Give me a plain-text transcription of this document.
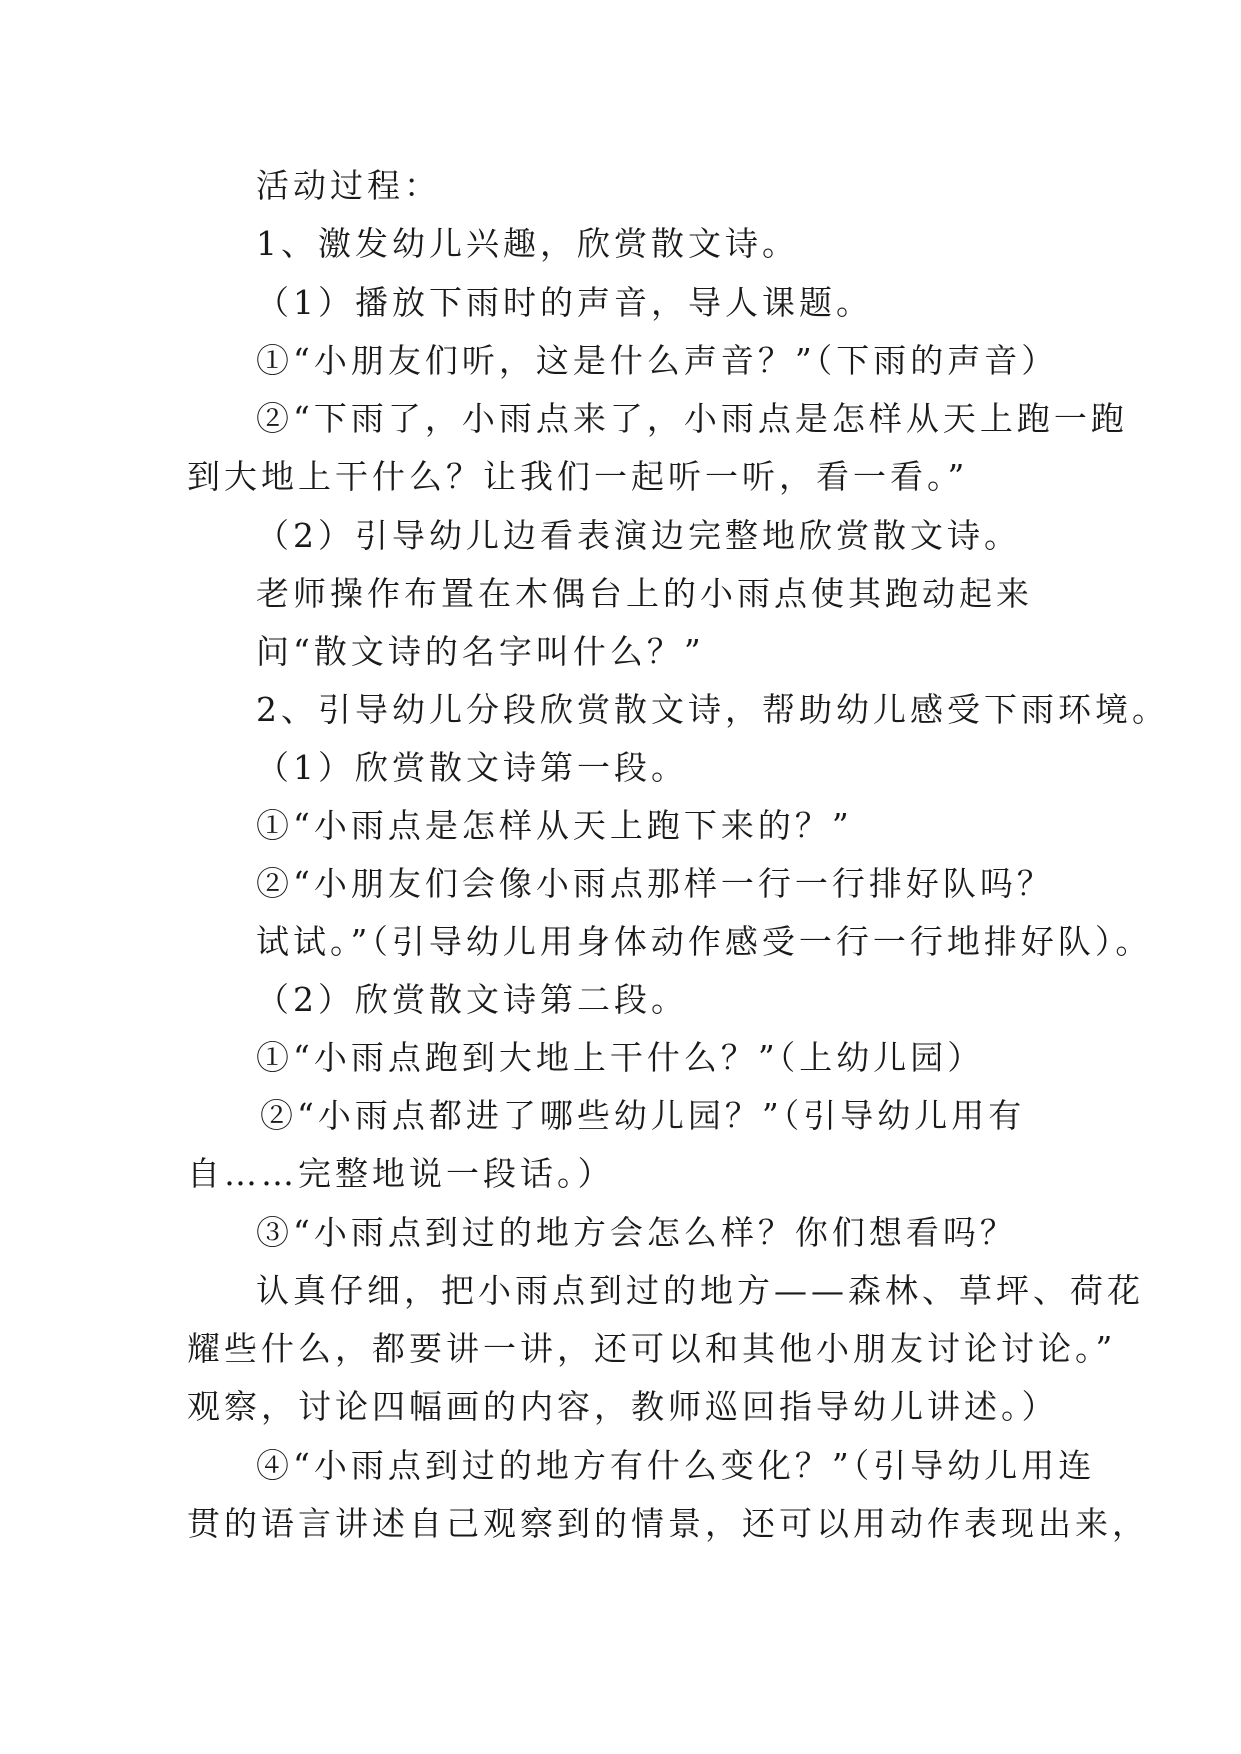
活动过程：
1、激发幼儿兴趣，欣赏散文诗。
（1）播放下雨时的声音，导人课题。
①“小朋友们听，这是什么声音？”（下雨的声音）
②“下雨了，小雨点来了，小雨点是怎样从天上跑一跑
到大地上干什么？让我们一起听一听，看一看。”
（2）引导幼儿边看表演边完整地欣赏散文诗。
老师操作布置在木偶台上的小雨点使其跑动起来
问“散文诗的名字叫什么？”
2、引导幼儿分段欣赏散文诗，帮助幼儿感受下雨环境。
（1）欣赏散文诗第一段。
①“小雨点是怎样从天上跑下来的？”
②“小朋友们会像小雨点那样一行一行排好队吗？
试试。”（引导幼儿用身体动作感受一行一行地排好队）。
（2）欣赏散文诗第二段。
①“小雨点跑到大地上干什么？”（上幼儿园）
②“小雨点都进了哪些幼儿园？”（引导幼儿用有
自……完整地说一段话。）
③“小雨点到过的地方会怎么样？你们想看吗？
认真仔细，把小雨点到过的地方——森林、草坪、荷花
耀些什么，都要讲一讲，还可以和其他小朋友讨论讨论。”
观察，讨论四幅画的内容，教师巡回指导幼儿讲述。）
④“小雨点到过的地方有什么变化？”（引导幼儿用连
贯的语言讲述自己观察到的情景，还可以用动作表现出来，
